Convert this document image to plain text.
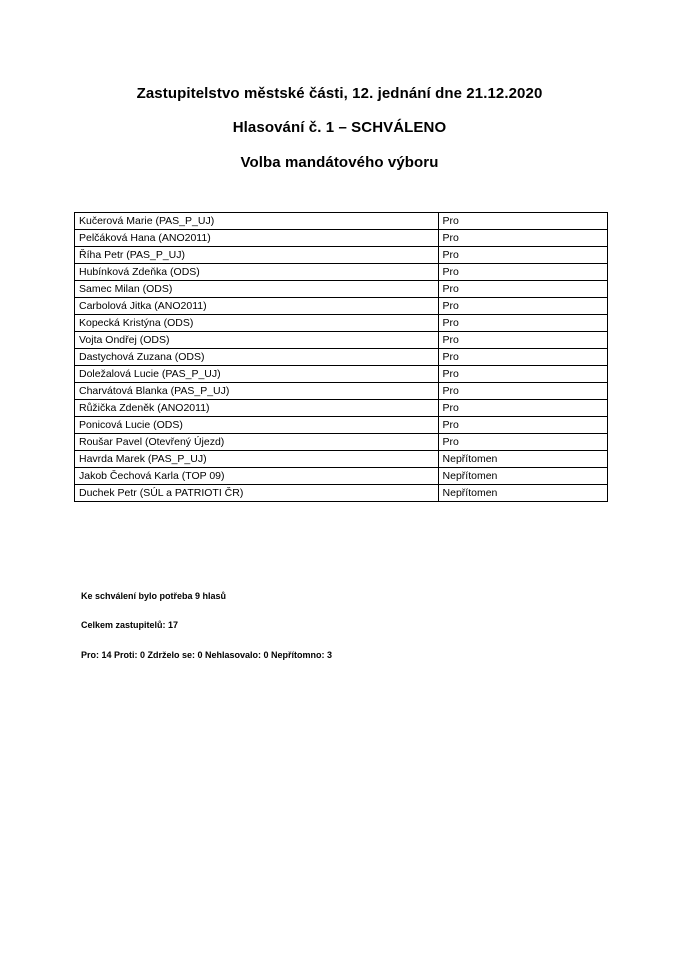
Zastupitelstvo městské části, 12. jednání dne 21.12.2020
Hlasování č. 1 – SCHVÁLENO
Volba mandátového výboru
Kučerová Marie (PAS_P_UJ)	Pro
Pelčáková Hana (ANO2011)	Pro
Říha Petr (PAS_P_UJ)	Pro
Hubínková Zdeňka (ODS)	Pro
Samec Milan (ODS)	Pro
Carbolová Jitka (ANO2011)	Pro
Kopecká Kristýna (ODS)	Pro
Vojta Ondřej (ODS)	Pro
Dastychová Zuzana (ODS)	Pro
Doležalová Lucie (PAS_P_UJ)	Pro
Charvátová Blanka (PAS_P_UJ)	Pro
Růžička Zdeněk (ANO2011)	Pro
Ponicová Lucie (ODS)	Pro
Roušar Pavel (Otevřený Újezd)	Pro
Havrda Marek (PAS_P_UJ)	Nepřítomen
Jakob Čechová Karla (TOP 09)	Nepřítomen
Duchek Petr (SÚL a PATRIOTI ČR)	Nepřítomen
Ke schválení bylo potřeba 9 hlasů
Celkem zastupitelů: 17
Pro: 14 Proti: 0 Zdrželo se: 0 Nehlasovalo: 0 Nepřítomno: 3
